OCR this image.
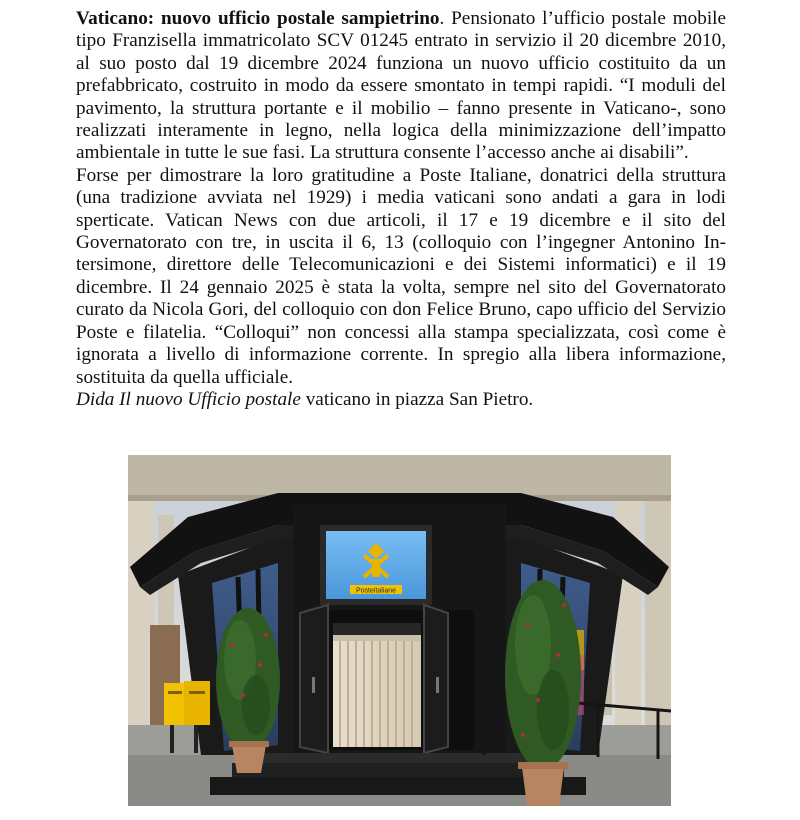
Vaticano: nuovo ufficio postale sampietrino. Pensionato l’ufficio postale mobile tipo Franzisella immatricolato SCV 01245 entrato in servizio il 20 dicembre 2010, al suo posto dal 19 dicembre 2024 funziona un nuovo ufficio costituito da un prefabbricato, costruito in modo da essere smontato in tempi rapidi. “I moduli del pavimento, la struttura portante e il mobilio – fanno presente in Vaticano-, sono realizzati interamente in legno, nella logica della minimizzazione dell’impatto ambientale in tutte le sue fasi. La struttura consente l’accesso anche ai disabili”.

Forse per dimostrare la loro gratitudine a Poste Italiane, donatrici della struttura (una tradizione avviata nel 1929) i media vaticani sono andati a gara in lodi sperticate. Vatican News con due articoli, il 17 e 19 dicembre e il sito del Governatorato con tre, in uscita il 6, 13 (colloquio con l’ingegner Antonino Intersimone, direttore delle Telecomunicazioni e dei Sistemi informatici) e il 19 dicembre. Il 24 gennaio 2025 è stata la volta, sempre nel sito del Governatorato curato da Nicola Gori, del colloquio con don Felice Bruno, capo ufficio del Servizio Poste e filatelia. “Colloqui” non concessi alla stampa specializzata, così come è ignorata a livello di informazione corrente. In spregio alla libera informazione, sostituita da quella ufficiale.

Dida Il nuovo Ufficio postale vaticano in piazza San Pietro.

Posteitaliane
